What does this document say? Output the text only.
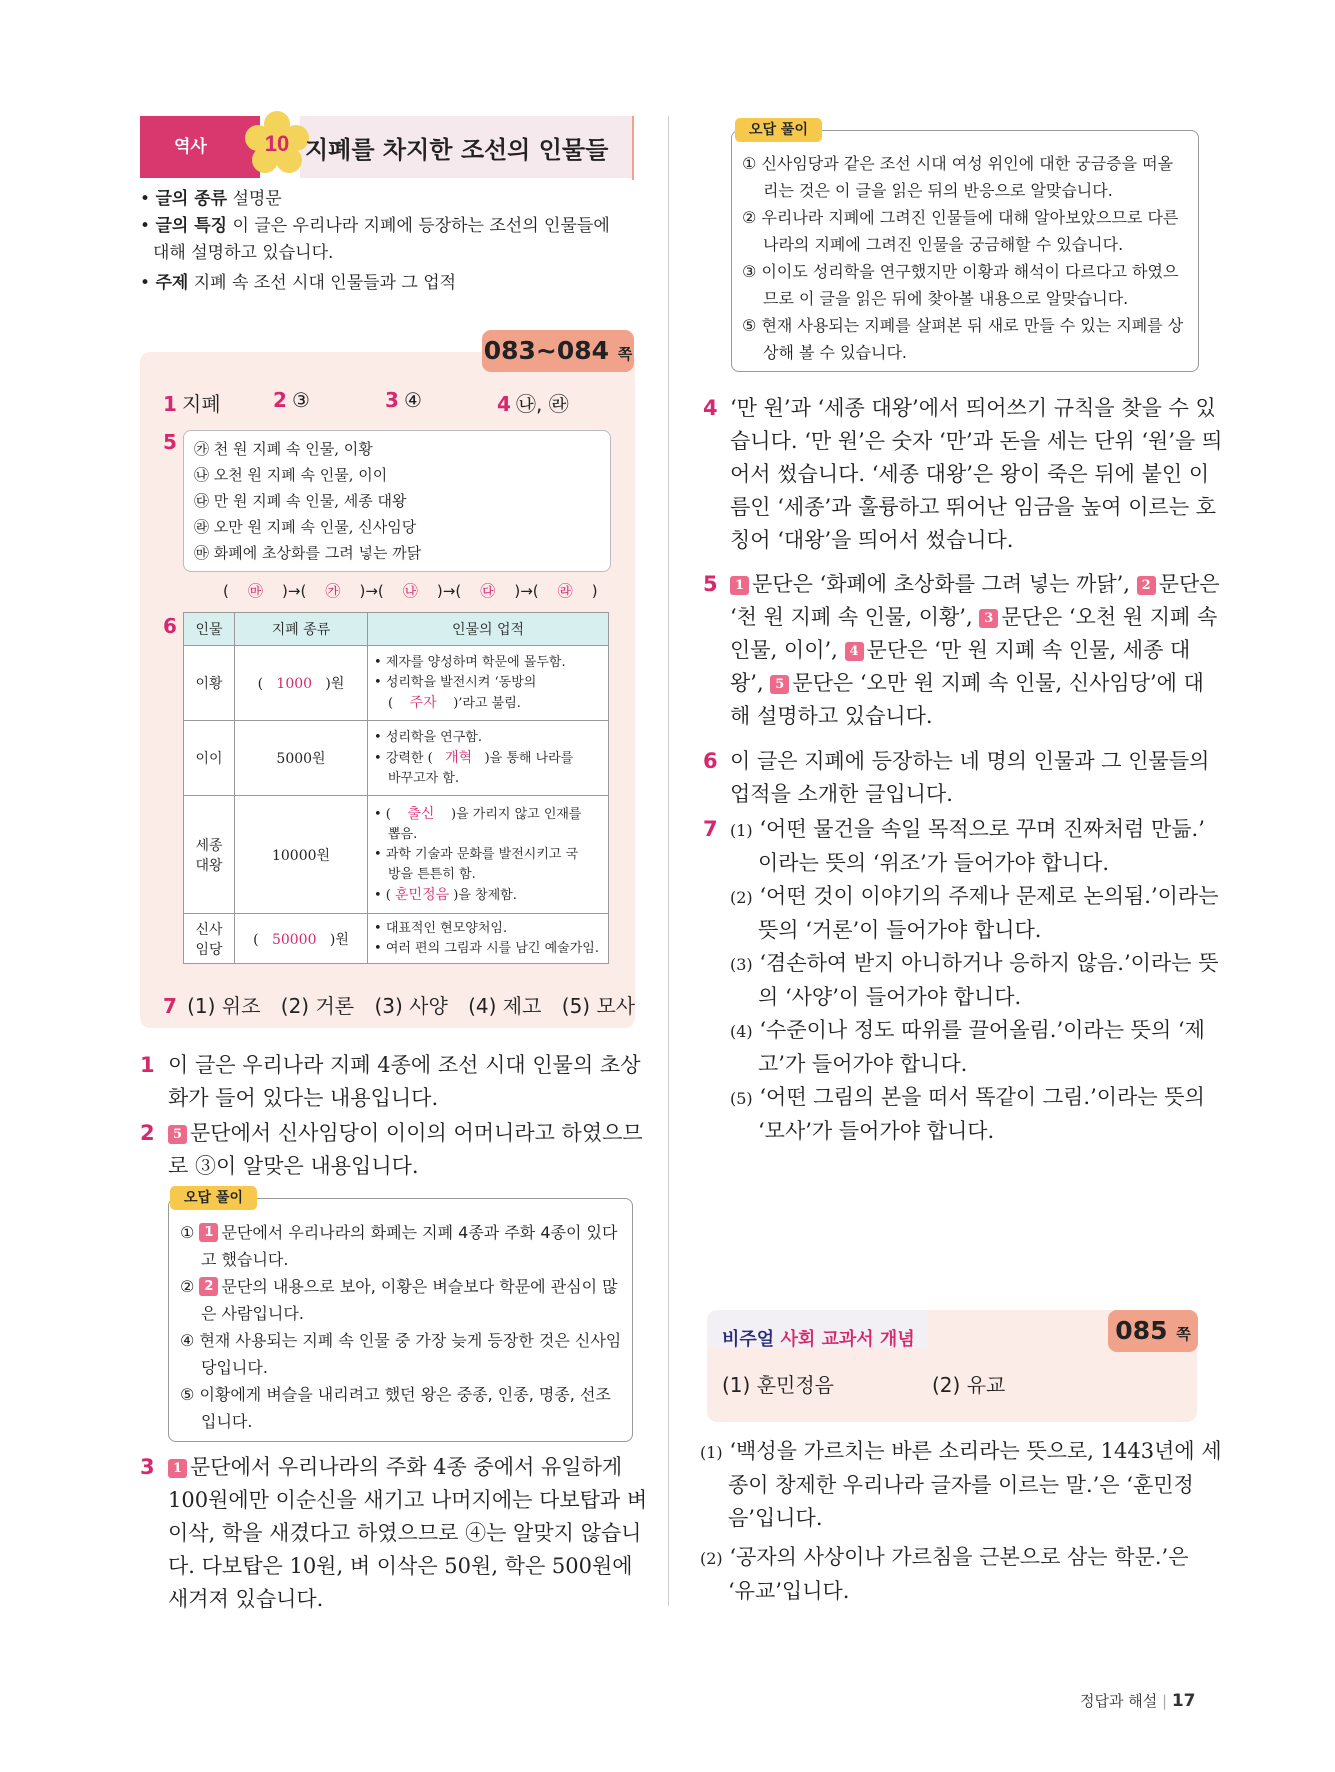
역사	10 지폐를 차지한 조선의 인물들
• 글의 종류 설명문
• 글의 특징 이 글은 우리나라 지폐에 등장하는 조선의 인물들에
대해 설명하고 있습니다.
• 주제 지폐 속 조선 시대 인물들과 그 업적
083~084 쪽
1 지폐	2 ③	3 ④	4 ㉯, ㉱
5 ㉮ 천 원 지폐 속 인물, 이황
㉯ 오천 원 지폐 속 인물, 이이
㉰ 만 원 지폐 속 인물, 세종 대왕
㉱ 오만 원 지폐 속 인물, 신사임당
㉲ 화폐에 초상화를 그려 넣는 까닭
(    ㉲    )→(    ㉮    )→(    ㉯    )→(    ㉰    )→(    ㉱    )
6 인물	지폐 종류	인물의 업적
이황	(   1000   )원	• 제자를 양성하며 학문에 몰두함.
• 성리학을 발전시켜 ‘동방의
(    주자 )’라고 불림.

이이	5000원	• 성리학을 연구함.
• 강력한 ( 개혁 )을 통해 나라를
바꾸고자 함.

세종 대왕	10000원	• (    출신 )을 가리지 않고 인재를
뽑음.
• 과학 기술과 문화를 발전시키고 국
방을 튼튼히 함.
• ( 훈민정음 )을 창제함.

신사 임당	(   50000   )원	• 대표적인 현모양처임.
• 여러 편의 그림과 시를 남긴 예술가임.
7 (1) 위조 (2) 거론 (3) 사양 (4) 제고 (5) 모사
1 이 글은 우리나라 지폐 4종에 조선 시대 인물의 초상
화가 들어 있다는 내용입니다.
2	5 문단에서 신사임당이 이이의 어머니라고 하였으므
로 ③이 알맞은 내용입니다.
오답 풀이
① 1 문단에서 우리나라의 화폐는 지폐 4종과 주화 4종이 있다
고 했습니다.
② 2 문단의 내용으로 보아, 이황은 벼슬보다 학문에 관심이 많
은 사람입니다.
④ 현재 사용되는 지폐 속 인물 중 가장 늦게 등장한 것은 신사임
당입니다.
⑤ 이황에게 벼슬을 내리려고 했던 왕은 중종, 인종, 명종, 선조
입니다.
3	1 문단에서 우리나라의 주화 4종 중에서 유일하게
100원에만 이순신을 새기고 나머지에는 다보탑과 벼
이삭, 학을 새겼다고 하였으므로 ④는 알맞지 않습니
다. 다보탑은 10원, 벼 이삭은 50원, 학은 500원에
새겨져 있습니다.
오답 풀이
① 신사임당과 같은 조선 시대 여성 위인에 대한 궁금증을 떠올
리는 것은 이 글을 읽은 뒤의 반응으로 알맞습니다.
② 우리나라 지폐에 그려진 인물들에 대해 알아보았으므로 다른
나라의 지폐에 그려진 인물을 궁금해할 수 있습니다.
③ 이이도 성리학을 연구했지만 이황과 해석이 다르다고 하였으
므로 이 글을 읽은 뒤에 찾아볼 내용으로 알맞습니다.
⑤ 현재 사용되는 지폐를 살펴본 뒤 새로 만들 수 있는 지폐를 상
상해 볼 수 있습니다.
4 ‘만 원’과 ‘세종 대왕’에서 띄어쓰기 규칙을 찾을 수 있
습니다. ‘만 원’은 숫자 ‘만’과 돈을 세는 단위 ‘원’을 띄
어서 썼습니다. ‘세종 대왕’은 왕이 죽은 뒤에 붙인 이
름인 ‘세종’과 훌륭하고 뛰어난 임금을 높여 이르는 호
칭어 ‘대왕’을 띄어서 썼습니다.
5	1 문단은 ‘화폐에 초상화를 그려 넣는 까닭’, 2 문단은
‘천 원 지폐 속 인물, 이황’, 3 문단은 ‘오천 원 지폐 속
인물, 이이’, 4 문단은 ‘만 원 지폐 속 인물, 세종 대
왕’, 5 문단은 ‘오만 원 지폐 속 인물, 신사임당’에 대
해 설명하고 있습니다.
6 이 글은 지폐에 등장하는 네 명의 인물과 그 인물들의
업적을 소개한 글입니다.
7 (1) ‘어떤 물건을 속일 목적으로 꾸며 진짜처럼 만듦.’
이라는 뜻의 ‘위조’가 들어가야 합니다.
(2) ‘어떤 것이 이야기의 주제나 문제로 논의됨.’이라는
뜻의 ‘거론’이 들어가야 합니다.
(3) ‘겸손하여 받지 아니하거나 응하지 않음.’이라는 뜻
의 ‘사양’이 들어가야 합니다.
(4) ‘수준이나 정도 따위를 끌어올림.’이라는 뜻의 ‘제
고’가 들어가야 합니다.
(5) ‘어떤 그림의 본을 떠서 똑같이 그림.’이라는 뜻의
‘모사’가 들어가야 합니다.
비주얼 사회 교과서 개념	085 쪽
(1) 훈민정음	(2) 유교
(1) ‘백성을 가르치는 바른 소리라는 뜻으로, 1443년에 세
종이 창제한 우리나라 글자를 이르는 말.’은 ‘훈민정
음’입니다.
(2) ‘공자의 사상이나 가르침을 근본으로 삼는 학문.’은
‘유교’입니다.
정답과 해설 | 17
